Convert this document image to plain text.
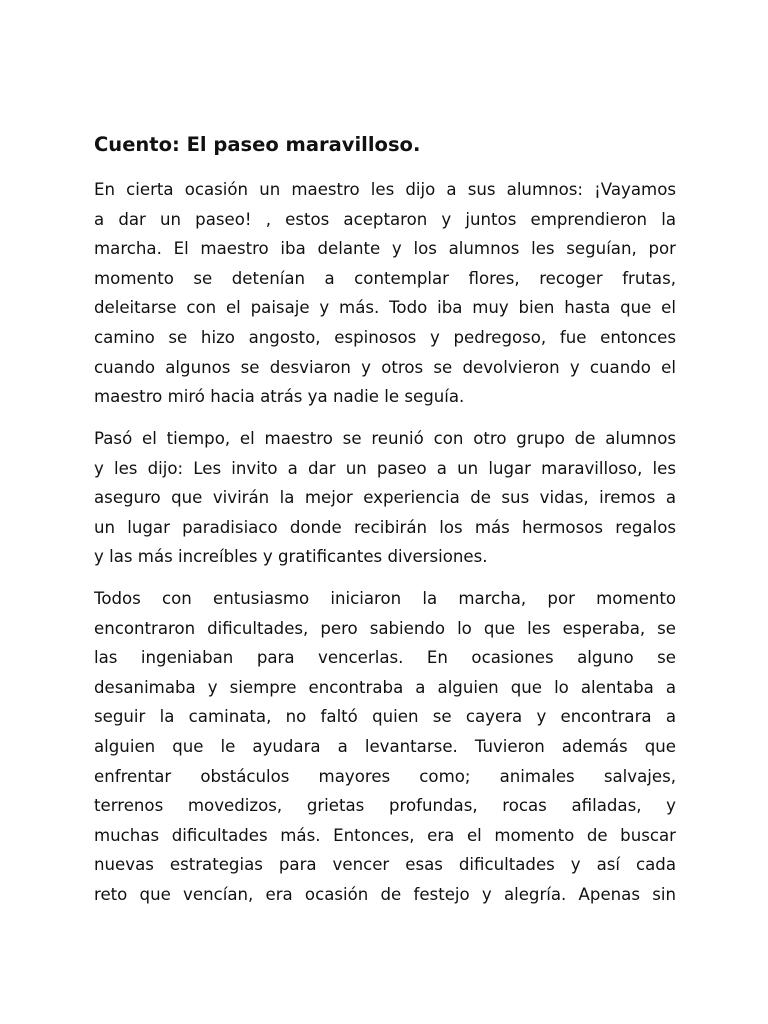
Cuento: El paseo maravilloso.

En cierta ocasión un maestro les dijo a sus alumnos: ¡Vayamos
a dar un paseo! , estos aceptaron y juntos emprendieron la
marcha. El maestro iba delante y los alumnos les seguían, por
momento se detenían a contemplar flores, recoger frutas,
deleitarse con el paisaje y más. Todo iba muy bien hasta que el
camino se hizo angosto, espinosos y pedregoso, fue entonces
cuando algunos se desviaron y otros se devolvieron y cuando el
maestro miró hacia atrás ya nadie le seguía.

Pasó el tiempo, el maestro se reunió con otro grupo de alumnos
y les dijo: Les invito a dar un paseo a un lugar maravilloso, les
aseguro que vivirán la mejor experiencia de sus vidas, iremos a
un lugar paradisiaco donde recibirán los más hermosos regalos
y las más increíbles y gratificantes diversiones.

Todos con entusiasmo iniciaron la marcha, por momento
encontraron dificultades, pero sabiendo lo que les esperaba, se
las ingeniaban para vencerlas. En ocasiones alguno se
desanimaba y siempre encontraba a alguien que lo alentaba a
seguir la caminata, no faltó quien se cayera y encontrara a
alguien que le ayudara a levantarse. Tuvieron además que
enfrentar obstáculos mayores como; animales salvajes,
terrenos movedizos, grietas profundas, rocas afiladas, y
muchas dificultades más. Entonces, era el momento de buscar
nuevas estrategias para vencer esas dificultades y así cada
reto que vencían, era ocasión de festejo y alegría. Apenas sin
